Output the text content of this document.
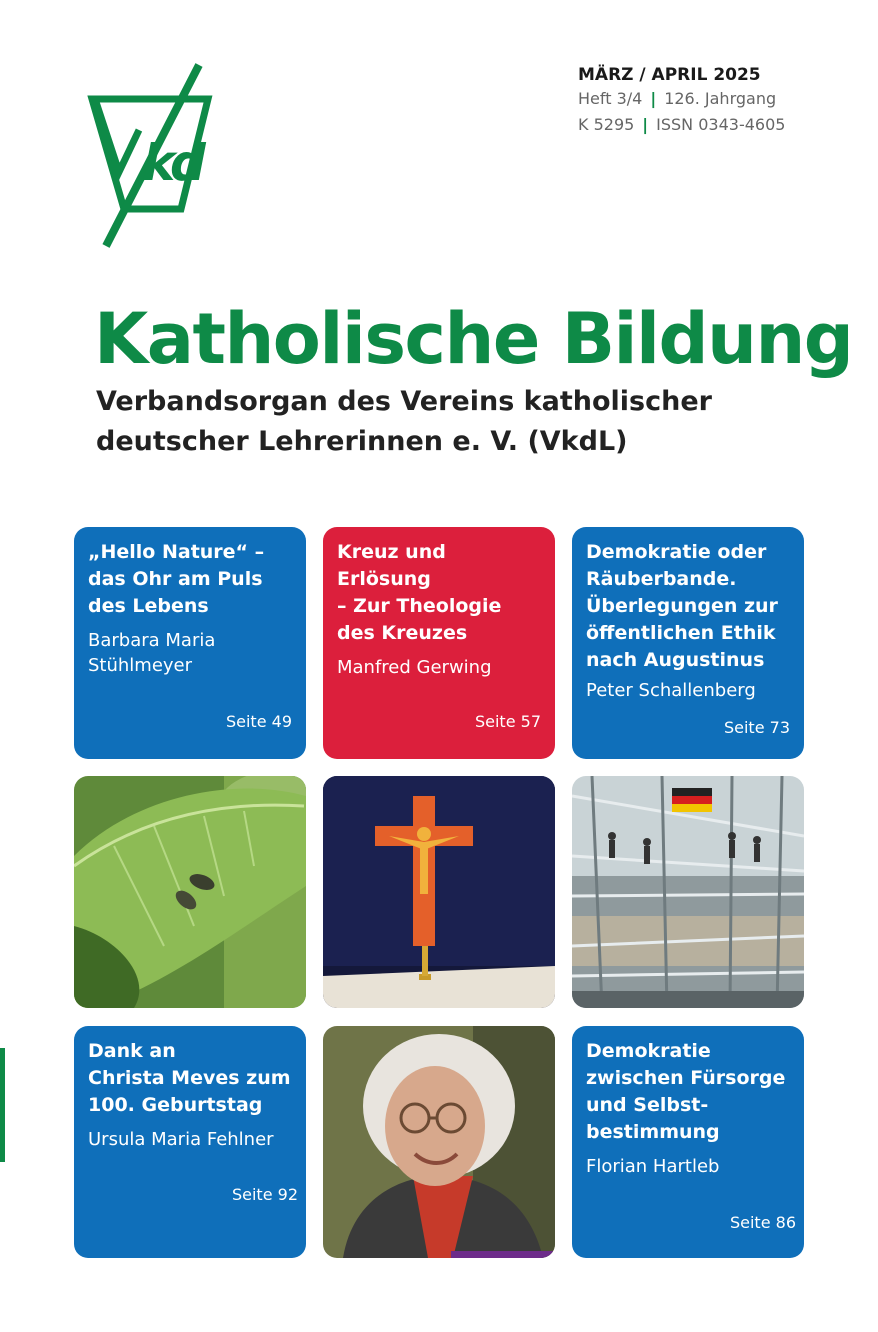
k
d
MÄRZ / APRIL 2025
Heft 3/4 | 126. Jahrgang
K 5295 | ISSN 0343-4605
Katholische Bildung
Verbandsorgan des Vereins katholischer
deutscher Lehrerinnen e. V. (VkdL)
„Hello Nature“ –
das Ohr am Puls
des Lebens
Barbara Maria
Stühlmeyer
Seite 49
Kreuz und Erlösung
– Zur Theologie
des Kreuzes
Manfred Gerwing
Seite 57
Demokratie oder
Räuberbande.
Überlegungen zur
öffentlichen Ethik
nach Augustinus
Peter Schallenberg
Seite 73
Dank an
Christa Meves zum
100. Geburtstag
Ursula Maria Fehlner
Seite 92
Demokratie
zwischen Fürsorge
und Selbst-
bestimmung
Florian Hartleb
Seite 86
